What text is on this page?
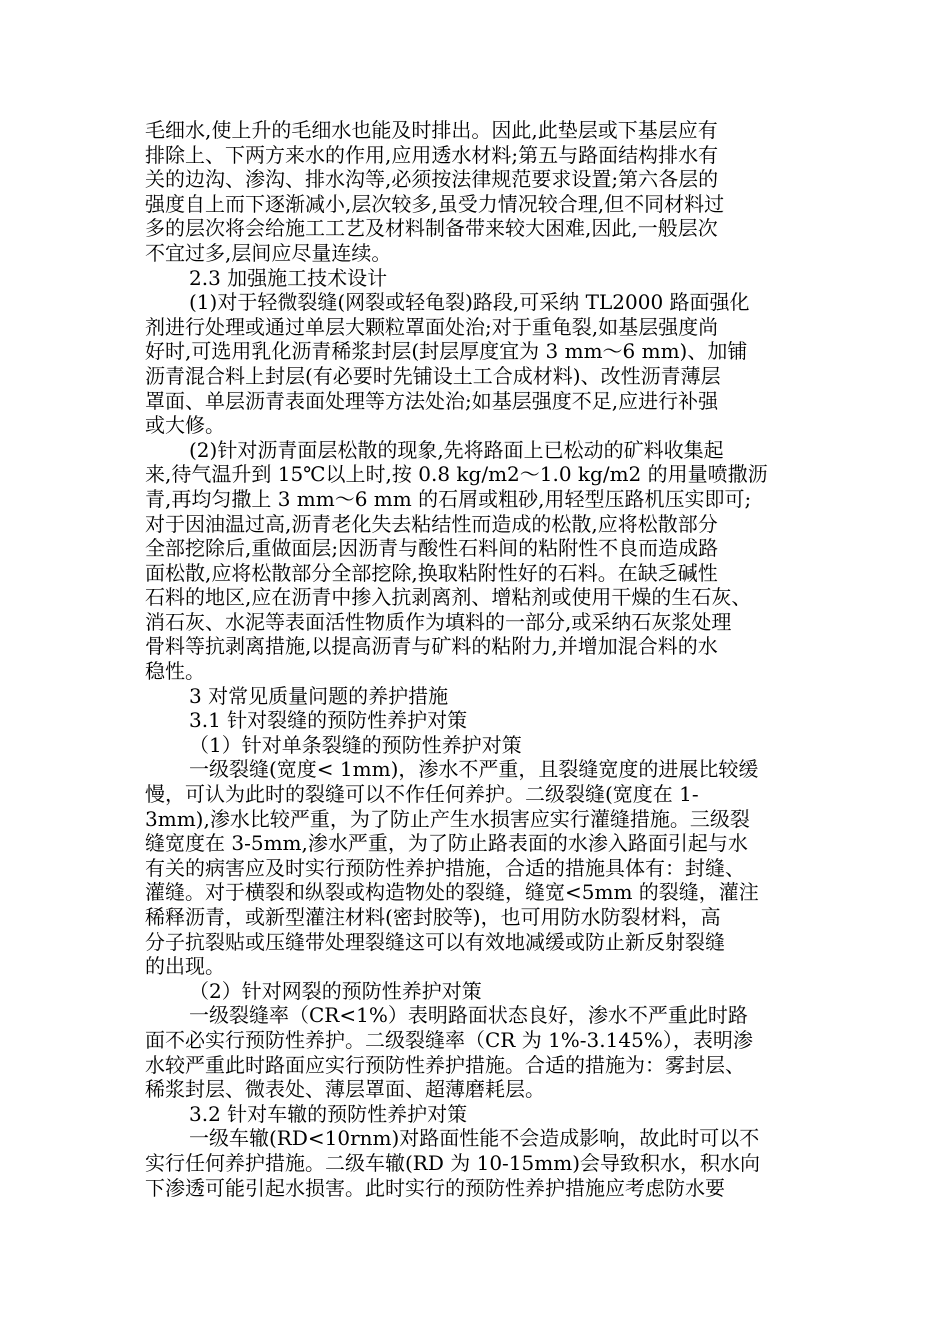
毛细水,使上升的毛细水也能及时排出。因此,此垫层或下基层应有
排除上、下两方来水的作用,应用透水材料;第五与路面结构排水有
关的边沟、渗沟、排水沟等,必须按法律规范要求设置;第六各层的
强度自上而下逐渐减小,层次较多,虽受力情况较合理,但不同材料过
多的层次将会给施工工艺及材料制备带来较大困难,因此,一般层次
不宜过多,层间应尽量连续。
2.3 加强施工技术设计
(1)对于轻微裂缝(网裂或轻龟裂)路段,可采纳 TL2000 路面强化
剂进行处理或通过单层大颗粒罩面处治;对于重龟裂,如基层强度尚
好时,可选用乳化沥青稀浆封层(封层厚度宜为 3 mm～6 mm)、加铺
沥青混合料上封层(有必要时先铺设土工合成材料)、改性沥青薄层
罩面、单层沥青表面处理等方法处治;如基层强度不足,应进行补强
或大修。
(2)针对沥青面层松散的现象,先将路面上已松动的矿料收集起
来,待气温升到 15℃以上时,按 0.8 kg/m2～1.0 kg/m2 的用量喷撒沥
青,再均匀撒上 3 mm～6 mm 的石屑或粗砂,用轻型压路机压实即可;
对于因油温过高,沥青老化失去粘结性而造成的松散,应将松散部分
全部挖除后,重做面层;因沥青与酸性石料间的粘附性不良而造成路
面松散,应将松散部分全部挖除,换取粘附性好的石料。在缺乏碱性
石料的地区,应在沥青中掺入抗剥离剂、增粘剂或使用干燥的生石灰、
消石灰、水泥等表面活性物质作为填料的一部分,或采纳石灰浆处理
骨料等抗剥离措施,以提高沥青与矿料的粘附力,并增加混合料的水
稳性。
3 对常见质量问题的养护措施
3.1 针对裂缝的预防性养护对策
（1）针对单条裂缝的预防性养护对策
一级裂缝(宽度< 1mm)，渗水不严重，且裂缝宽度的进展比较缓
慢，可认为此时的裂缝可以不作任何养护。二级裂缝(宽度在 1-
3mm),渗水比较严重，为了防止产生水损害应实行灌缝措施。三级裂
缝宽度在 3-5mm,渗水严重，为了防止路表面的水渗入路面引起与水
有关的病害应及时实行预防性养护措施，合适的措施具体有：封缝、
灌缝。对于横裂和纵裂或构造物处的裂缝，缝宽<5mm 的裂缝，灌注
稀释沥青，或新型灌注材料(密封胶等)，也可用防水防裂材料，高
分子抗裂贴或压缝带处理裂缝这可以有效地减缓或防止新反射裂缝
的出现。
（2）针对网裂的预防性养护对策
一级裂缝率（CR<1%）表明路面状态良好，渗水不严重此时路
面不必实行预防性养护。二级裂缝率（CR 为 1%-3.145%），表明渗
水较严重此时路面应实行预防性养护措施。合适的措施为：雾封层、
稀浆封层、微表处、薄层罩面、超薄磨耗层。
3.2 针对车辙的预防性养护对策
一级车辙(RD<10rnm)对路面性能不会造成影响，故此时可以不
实行任何养护措施。二级车辙(RD 为 10-15mm)会导致积水，积水向
下渗透可能引起水损害。此时实行的预防性养护措施应考虑防水要
